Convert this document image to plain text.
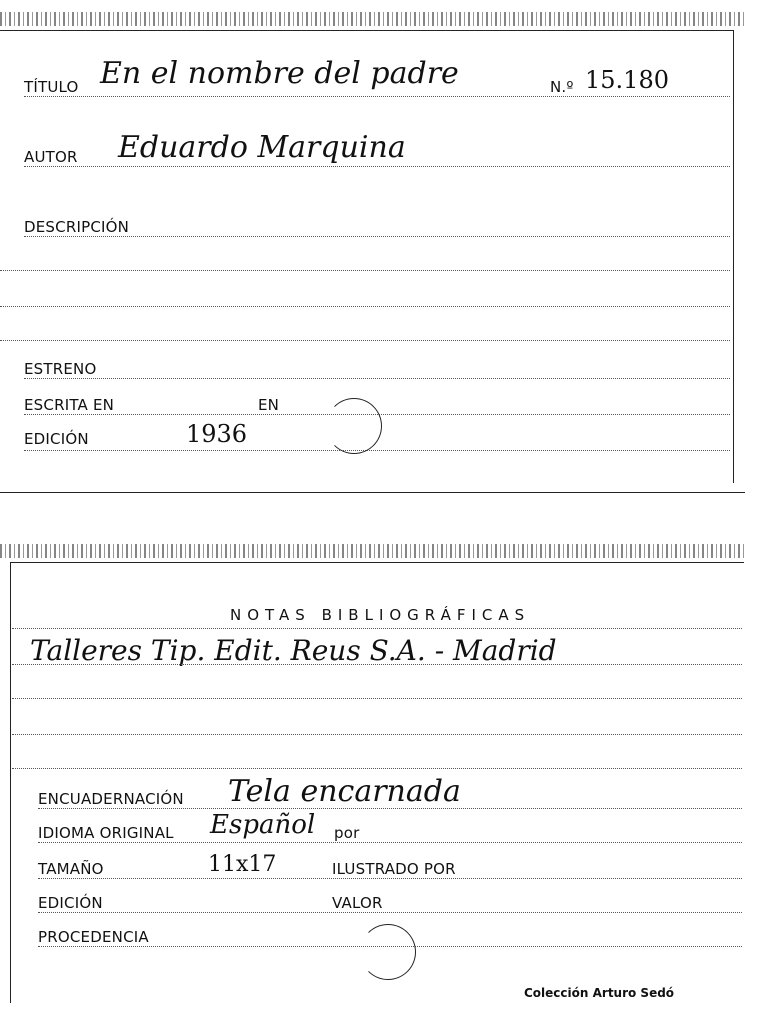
TÍTULO En el nombre del padre	N.º 15.180
AUTOR Eduardo Marquina
DESCRIPCIÓN
ESTRENO
ESCRITA EN	EN
EDICIÓN	1936
NOTAS BIBLIOGRÁFICAS
Talleres Tip. Edit. Reus S.A. - Madrid
ENCUADERNACIÓN Tela encarnada
IDIOMA ORIGINAL Español por
TAMAÑO	11x17	ILUSTRADO POR
EDICIÓN	VALOR
PROCEDENCIA
Colección Arturo Sedó
